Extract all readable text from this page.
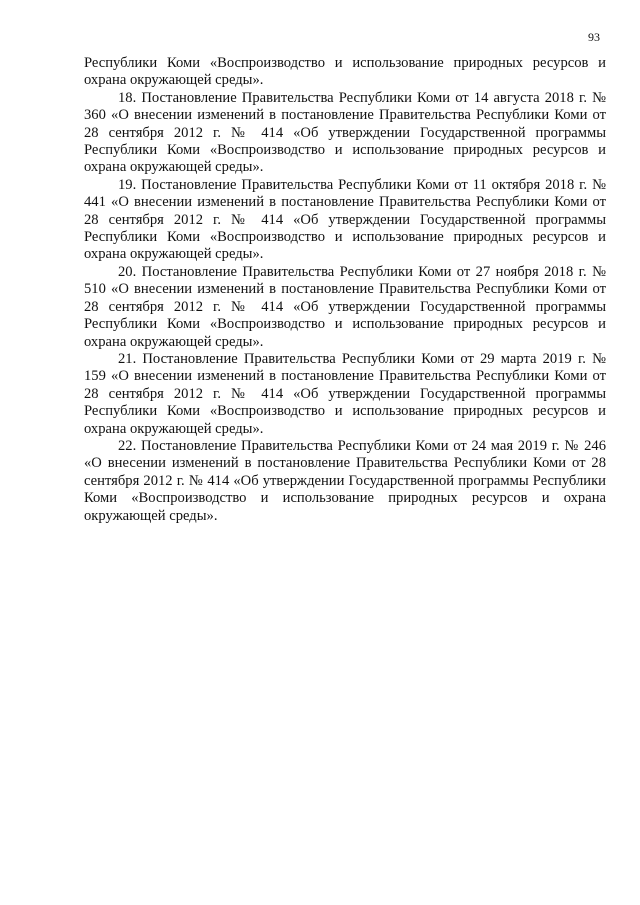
93

Республики Коми «Воспроизводство и использование природных ресурсов и охрана окружающей среды».

18. Постановление Правительства Республики Коми от 14 августа 2018 г. № 360 «О внесении изменений в постановление Правительства Республики Коми от 28 сентября 2012 г. № 414 «Об утверждении Государственной программы Республики Коми «Воспроизводство и использование природных ресурсов и охрана окружающей среды».

19. Постановление Правительства Республики Коми от 11 октября 2018 г. № 441 «О внесении изменений в постановление Правительства Республики Коми от 28 сентября 2012 г. № 414 «Об утверждении Государственной программы Республики Коми «Воспроизводство и использование природных ресурсов и охрана окружающей среды».

20. Постановление Правительства Республики Коми от 27 ноября 2018 г. № 510 «О внесении изменений в постановление Правительства Республики Коми от 28 сентября 2012 г. № 414 «Об утверждении Государственной программы Республики Коми «Воспроизводство и использование природных ресурсов и охрана окружающей среды».

21. Постановление Правительства Республики Коми от 29 марта 2019 г. № 159 «О внесении изменений в постановление Правительства Республики Коми от 28 сентября 2012 г. № 414 «Об утверждении Государственной программы Республики Коми «Воспроизводство и использование природных ресурсов и охрана окружающей среды».

22. Постановление Правительства Республики Коми от 24 мая 2019 г. № 246 «О внесении изменений в постановление Правительства Республики Коми от 28 сентября 2012 г. № 414 «Об утверждении Государственной программы Республики Коми «Воспроизводство и использование природных ресурсов и охрана окружающей среды».
